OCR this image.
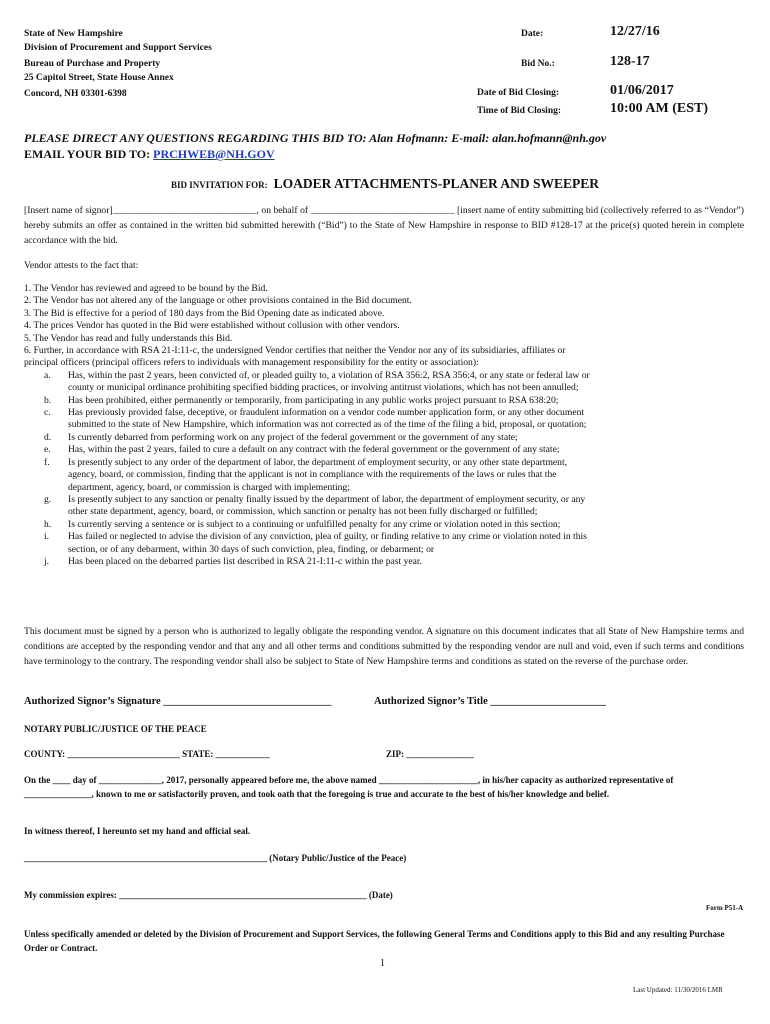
State of New Hampshire
Division of Procurement and Support Services
Bureau of Purchase and Property
25 Capitol Street, State House Annex
Concord, NH 03301-6398
Date:	12/27/16
Bid No.:	128-17
Date of Bid Closing:	01/06/2017
Time of Bid Closing:	10:00 AM (EST)
PLEASE DIRECT ANY QUESTIONS REGARDING THIS BID TO: Alan Hofmann: E-mail: alan.hofmann@nh.gov
EMAIL YOUR BID TO: PRCHWEB@NH.GOV
BID INVITATION FOR: LOADER ATTACHMENTS-PLANER AND SWEEPER
[Insert name of signor]______________________________, on behalf of ______________________________ [insert name of entity submitting bid (collectively referred to as “Vendor”) hereby submits an offer as contained in the written bid submitted herewith (“Bid”) to the State of New Hampshire in response to BID #128-17 at the price(s) quoted herein in complete accordance with the bid.
Vendor attests to the fact that:
1. The Vendor has reviewed and agreed to be bound by the Bid.
2. The Vendor has not altered any of the language or other provisions contained in the Bid document.
3. The Bid is effective for a period of 180 days from the Bid Opening date as indicated above.
4. The prices Vendor has quoted in the Bid were established without collusion with other vendors.
5. The Vendor has read and fully understands this Bid.
6. Further, in accordance with RSA 21-I:11-c, the undersigned Vendor certifies that neither the Vendor nor any of its subsidiaries, affiliates or
principal officers (principal officers refers to individuals with management responsibility for the entity or association):
a. Has, within the past 2 years, been convicted of, or pleaded guilty to, a violation of RSA 356:2, RSA 356:4, or any state or federal law or
county or municipal ordinance prohibiting specified bidding practices, or involving antitrust violations, which has not been annulled;
b. Has been prohibited, either permanently or temporarily, from participating in any public works project pursuant to RSA 638:20;
c. Has previously provided false, deceptive, or fraudulent information on a vendor code number application form, or any other document
submitted to the state of New Hampshire, which information was not corrected as of the time of the filing a bid, proposal, or quotation;
d. Is currently debarred from performing work on any project of the federal government or the government of any state;
e. Has, within the past 2 years, failed to cure a default on any contract with the federal government or the government of any state;
f. Is presently subject to any order of the department of labor, the department of employment security, or any other state department,
agency, board, or commission, finding that the applicant is not in compliance with the requirements of the laws or rules that the
department, agency, board, or commission is charged with implementing;
g. Is presently subject to any sanction or penalty finally issued by the department of labor, the department of employment security, or any
other state department, agency, board, or commission, which sanction or penalty has not been fully discharged or fulfilled;
h. Is currently serving a sentence or is subject to a continuing or unfulfilled penalty for any crime or violation noted in this section;
i. Has failed or neglected to advise the division of any conviction, plea of guilty, or finding relative to any crime or violation noted in this
section, or of any debarment, within 30 days of such conviction, plea, finding, or debarment; or
j. Has been placed on the debarred parties list described in RSA 21-I:11-c within the past year.
This document must be signed by a person who is authorized to legally obligate the responding vendor. A signature on this document indicates that all State of New Hampshire terms and conditions are accepted by the responding vendor and that any and all other terms and conditions submitted by the responding vendor are null and void, even if such terms and conditions have terminology to the contrary. The responding vendor shall also be subject to State of New Hampshire terms and conditions as stated on the reverse of the purchase order.
Authorized Signor’s Signature ________________________________	Authorized Signor’s Title ______________________
NOTARY PUBLIC/JUSTICE OF THE PEACE
COUNTY: _________________________ STATE: ____________	ZIP: _______________
On the ____ day of ______________, 2017, personally appeared before me, the above named ______________________, in his/her capacity as authorized representative of _______________, known to me or satisfactorily proven, and took oath that the foregoing is true and accurate to the best of his/her knowledge and belief.
In witness thereof, I hereunto set my hand and official seal.
______________________________________________________ (Notary Public/Justice of the Peace)
My commission expires: _______________________________________________________ (Date)
Form P51-A
Unless specifically amended or deleted by the Division of Procurement and Support Services, the following General Terms and Conditions apply to this Bid and any resulting Purchase Order or Contract.
1
Last Updated: 11/30/2016 LMR
